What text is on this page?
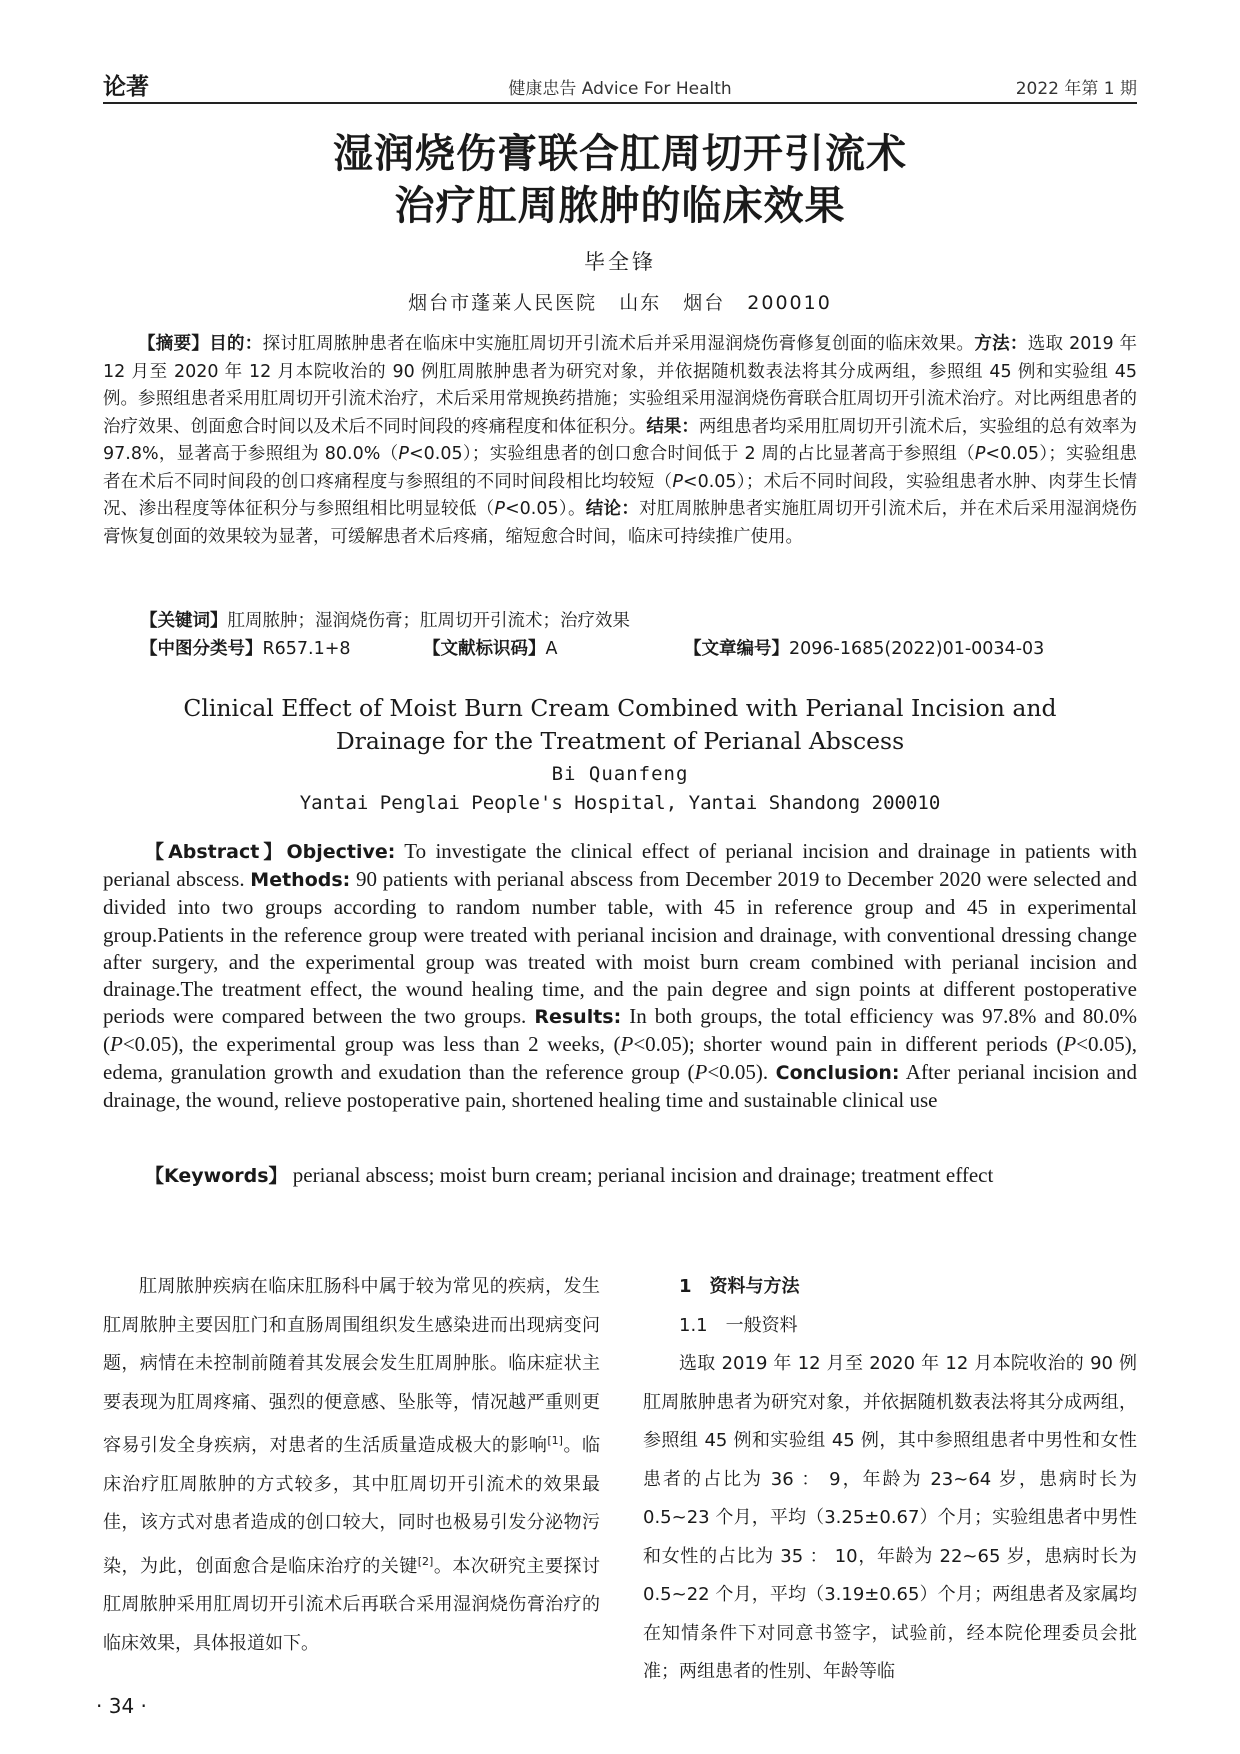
论著	健康忠告 Advice For Health	2022 年第 1 期
湿润烧伤膏联合肛周切开引流术
治疗肛周脓肿的临床效果
毕全锋
烟台市蓬莱人民医院 山东 烟台 200010
【摘要】目的：探讨肛周脓肿患者在临床中实施肛周切开引流术后并采用湿润烧伤膏修复创面的临床效果。方法：选取 2019 年 12 月至 2020 年 12 月本院收治的 90 例肛周脓肿患者为研究对象，并依据随机数表法将其分成两组，参照组 45 例和实验组 45 例。参照组患者采用肛周切开引流术治疗，术后采用常规换药措施；实验组采用湿润烧伤膏联合肛周切开引流术治疗。对比两组患者的治疗效果、创面愈合时间以及术后不同时间段的疼痛程度和体征积分。结果：两组患者均采用肛周切开引流术后，实验组的总有效率为 97.8%，显著高于参照组为 80.0%（P<0.05）；实验组患者的创口愈合时间低于 2 周的占比显著高于参照组（P<0.05）；实验组患者在术后不同时间段的创口疼痛程度与参照组的不同时间段相比均较短（P<0.05）；术后不同时间段，实验组患者水肿、肉芽生长情况、渗出程度等体征积分与参照组相比明显较低（P<0.05）。结论：对肛周脓肿患者实施肛周切开引流术后，并在术后采用湿润烧伤膏恢复创面的效果较为显著，可缓解患者术后疼痛，缩短愈合时间，临床可持续推广使用。
【关键词】肛周脓肿；湿润烧伤膏；肛周切开引流术；治疗效果
【中图分类号】R657.1+8	【文献标识码】A	【文章编号】2096-1685(2022)01-0034-03
Clinical Effect of Moist Burn Cream Combined with Perianal Incision and
Drainage for the Treatment of Perianal Abscess
Bi Quanfeng
Yantai Penglai People's Hospital, Yantai Shandong 200010
【Abstract】Objective: To investigate the clinical effect of perianal incision and drainage in patients with perianal abscess. Methods: 90 patients with perianal abscess from December 2019 to December 2020 were selected and divided into two groups according to random number table, with 45 in reference group and 45 in experimental group.Patients in the reference group were treated with perianal incision and drainage, with conventional dressing change after surgery, and the experimental group was treated with moist burn cream combined with perianal incision and drainage.The treatment effect, the wound healing time, and the pain degree and sign points at different postoperative periods were compared between the two groups. Results: In both groups, the total efficiency was 97.8% and 80.0% (P<0.05), the experimental group was less than 2 weeks, (P<0.05); shorter wound pain in different periods (P<0.05), edema, granulation growth and exudation than the reference group (P<0.05). Conclusion: After perianal incision and drainage, the wound, relieve postoperative pain, shortened healing time and sustainable clinical use
【Keywords】 perianal abscess; moist burn cream; perianal incision and drainage; treatment effect
肛周脓肿疾病在临床肛肠科中属于较为常见的疾病，发生肛周脓肿主要因肛门和直肠周围组织发生感染进而出现病变问题，病情在未控制前随着其发展会发生肛周肿胀。临床症状主要表现为肛周疼痛、强烈的便意感、坠胀等，情况越严重则更容易引发全身疾病，对患者的生活质量造成极大的影响[1]。临床治疗肛周脓肿的方式较多，其中肛周切开引流术的效果最佳，该方式对患者造成的创口较大，同时也极易引发分泌物污染，为此，创面愈合是临床治疗的关键[2]。本次研究主要探讨肛周脓肿采用肛周切开引流术后再联合采用湿润烧伤膏治疗的临床效果，具体报道如下。
1　资料与方法
1.1　一般资料
选取 2019 年 12 月至 2020 年 12 月本院收治的 90 例肛周脓肿患者为研究对象，并依据随机数表法将其分成两组，参照组 45 例和实验组 45 例，其中参照组患者中男性和女性患者的占比为 36 ： 9，年龄为 23~64 岁，患病时长为 0.5~23 个月，平均（3.25±0.67）个月；实验组患者中男性和女性的占比为 35 ： 10，年龄为 22~65 岁，患病时长为 0.5~22 个月，平均（3.19±0.65）个月；两组患者及家属均在知情条件下对同意书签字，试验前，经本院伦理委员会批准；两组患者的性别、年龄等临
· 34 ·
